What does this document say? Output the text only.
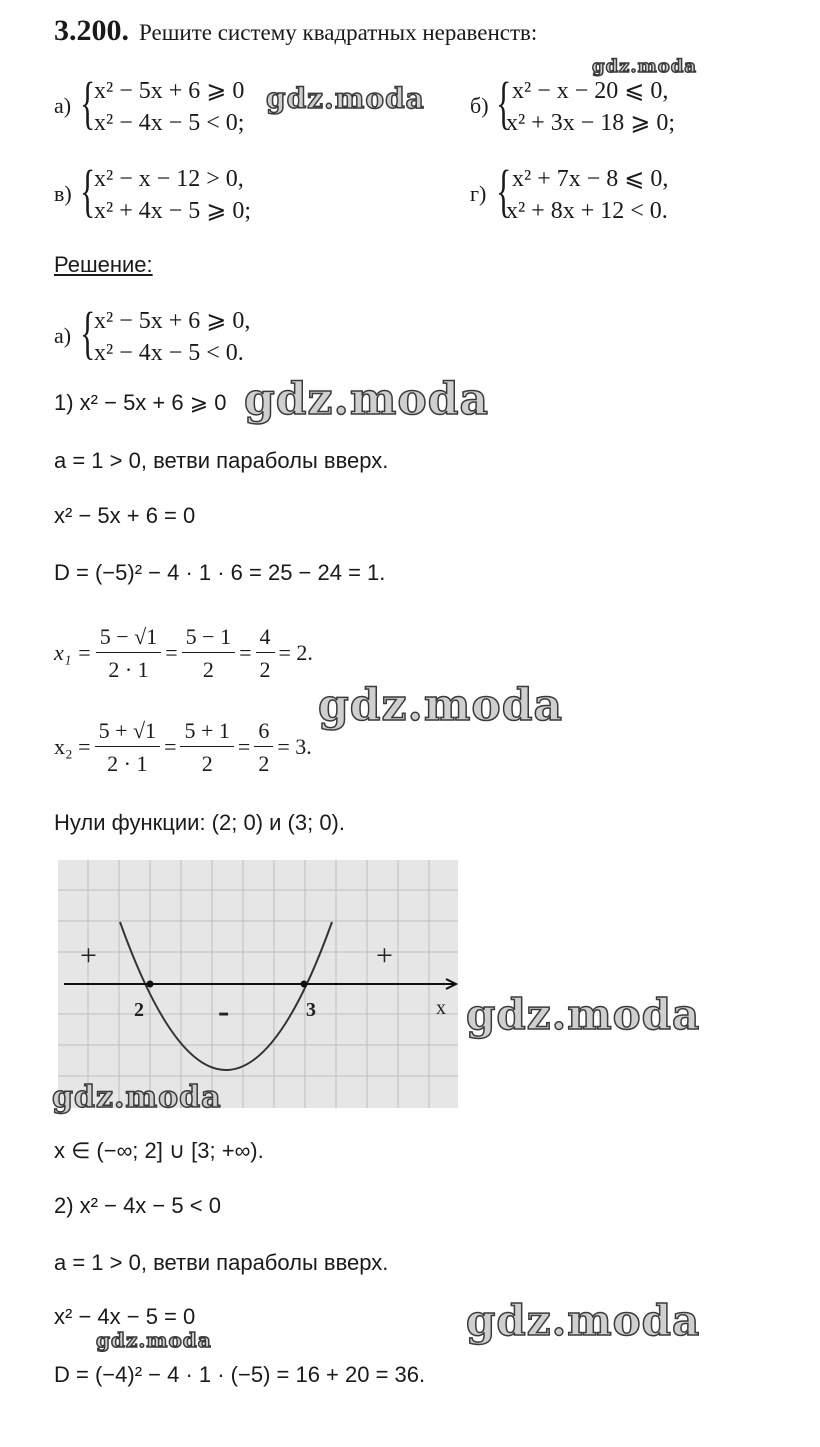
3.200. Решите систему квадратных неравенств:
а) {
x² − 5x + 6 ⩾ 0
x² − 4x − 5 < 0;
б) { x² − x − 20 ⩽ 0,
x² + 3x − 18 ⩾ 0;
в) {
x² − x − 12 > 0,
x² + 4x − 5 ⩾ 0;
г) { x² + 7x − 8 ⩽ 0,
x² + 8x + 12 < 0.
Решение:
а) {
x² − 5x + 6 ⩾ 0,
x² − 4x − 5 < 0.
1) x² − 5x + 6 ⩾ 0
a = 1 > 0, ветви параболы вверх.
x² − 5x + 6 = 0
D = (−5)² − 4 · 1 · 6 = 25 − 24 = 1.
$x_1 = \frac{5 - √1}{2 \cdot 1} = \frac{5 - 1}{2} = \frac{4}{2} = 2$.
$x_2 = \frac{5 + √1}{2 \cdot 1} = \frac{5 + 1}{2} = \frac{6}{2} = 3$.
Нули функции: (2; 0) и (3; 0).
+	+
-
2	3	x
x ∈ (−∞; 2] ∪ [3; +∞).
2) x² − 4x − 5 < 0
a = 1 > 0, ветви параболы вверх.
x² − 4x − 5 = 0
D = (−4)² − 4 · 1 · (−5) = 16 + 20 = 36.
gdz.moda
gdz.moda
gdz.moda
gdz.moda
gdz.moda
gdz.moda
gdz.moda
gdz.moda
